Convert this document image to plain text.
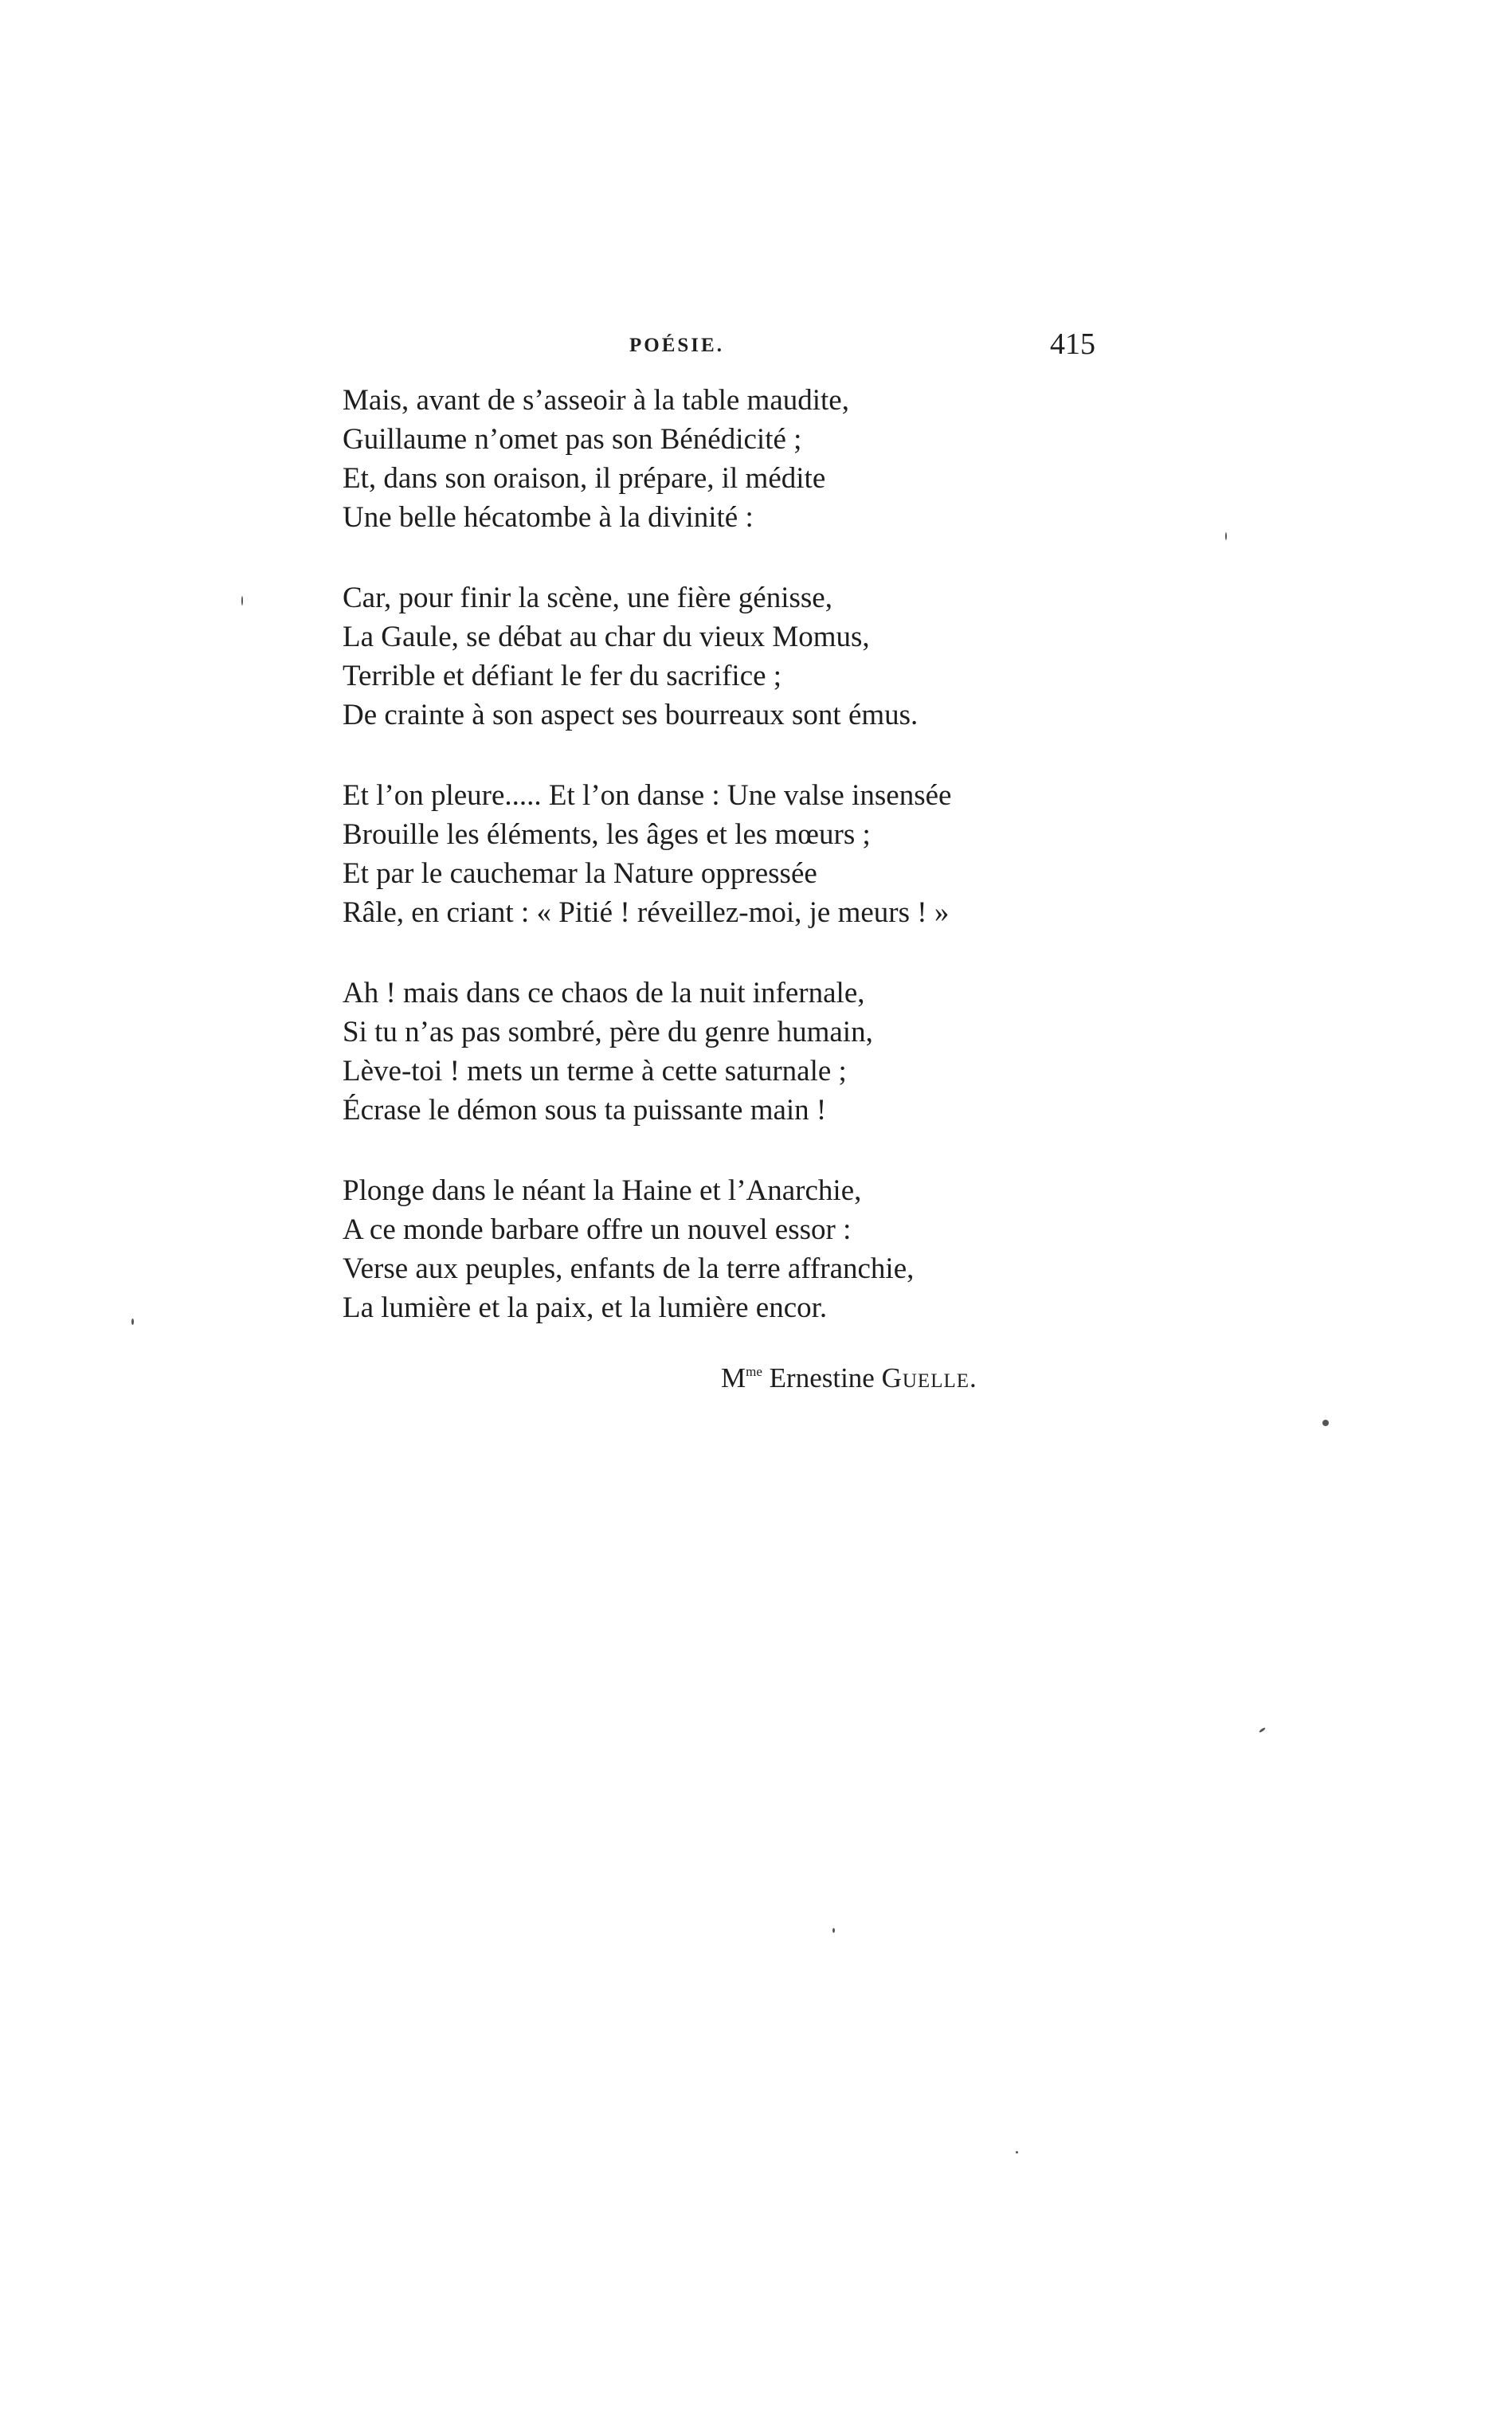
POÉSIE.	415
Mais, avant de s’asseoir à la table maudite,
Guillaume n’omet pas son Bénédicité ;
Et, dans son oraison, il prépare, il médite
Une belle hécatombe à la divinité :
Car, pour finir la scène, une fière génisse,
La Gaule, se débat au char du vieux Momus,
Terrible et défiant le fer du sacrifice ;
De crainte à son aspect ses bourreaux sont émus.
Et l’on pleure..... Et l’on danse : Une valse insensée
Brouille les éléments, les âges et les mœurs ;
Et par le cauchemar la Nature oppressée
Râle, en criant : « Pitié ! réveillez-moi, je meurs ! »
Ah ! mais dans ce chaos de la nuit infernale,
Si tu n’as pas sombré, père du genre humain,
Lève-toi ! mets un terme à cette saturnale ;
Écrase le démon sous ta puissante main !
Plonge dans le néant la Haine et l’Anarchie,
A ce monde barbare offre un nouvel essor :
Verse aux peuples, enfants de la terre affranchie,
La lumière et la paix, et la lumière encor.
$M^{me}$ Ernestine Guelle.
